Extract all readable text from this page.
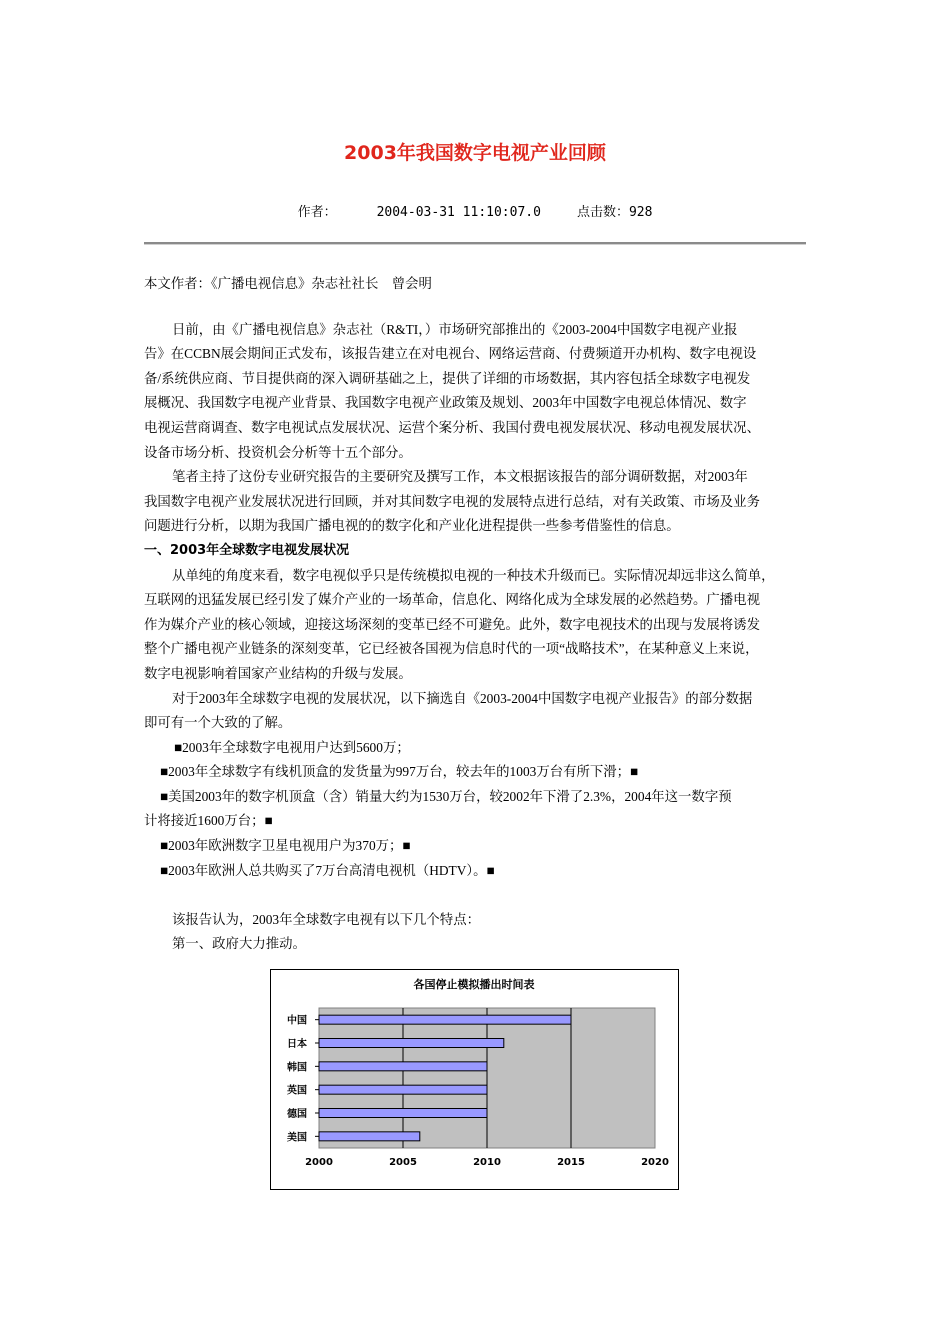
2003年我国数字电视产业回顾
作者：	2004-03-31 11:10:07.0	点击数：928
本文作者：《广播电视信息》杂志社社长　曾会明
日前，由《广播电视信息》杂志社（R&TI，）市场研究部推出的《2003-2004中国数字电视产业报
告》在CCBN展会期间正式发布，该报告建立在对电视台、网络运营商、付费频道开办机构、数字电视设
备/系统供应商、节目提供商的深入调研基础之上，提供了详细的市场数据，其内容包括全球数字电视发
展概况、我国数字电视产业背景、我国数字电视产业政策及规划、2003年中国数字电视总体情况、数字
电视运营商调查、数字电视试点发展状况、运营个案分析、我国付费电视发展状况、移动电视发展状况、
设备市场分析、投资机会分析等十五个部分。
笔者主持了这份专业研究报告的主要研究及撰写工作，本文根据该报告的部分调研数据，对2003年
我国数字电视产业发展状况进行回顾，并对其间数字电视的发展特点进行总结，对有关政策、市场及业务
问题进行分析，以期为我国广播电视的的数字化和产业化进程提供一些参考借鉴性的信息。
一、2003年全球数字电视发展状况
从单纯的角度来看，数字电视似乎只是传统模拟电视的一种技术升级而已。实际情况却远非这么简单，
互联网的迅猛发展已经引发了媒介产业的一场革命，信息化、网络化成为全球发展的必然趋势。广播电视
作为媒介产业的核心领域，迎接这场深刻的变革已经不可避免。此外，数字电视技术的出现与发展将诱发
整个广播电视产业链条的深刻变革，它已经被各国视为信息时代的一项“战略技术”，在某种意义上来说，
数字电视影响着国家产业结构的升级与发展。
对于2003年全球数字电视的发展状况，以下摘选自《2003-2004中国数字电视产业报告》的部分数据
即可有一个大致的了解。
■2003年全球数字电视用户达到5600万；
■2003年全球数字有线机顶盒的发货量为997万台，较去年的1003万台有所下滑；■
■美国2003年的数字机顶盒（含）销量大约为1530万台，较2002年下滑了2.3%，2004年这一数字预
计将接近1600万台；■
■2003年欧洲数字卫星电视用户为370万；■
■2003年欧洲人总共购买了7万台高清电视机（HDTV）。■
该报告认为，2003年全球数字电视有以下几个特点：
第一、政府大力推动。
各国停止模拟播出时间表
中国
日本
韩国
英国
德国
美国
2000	2005	2010	2015	2020
